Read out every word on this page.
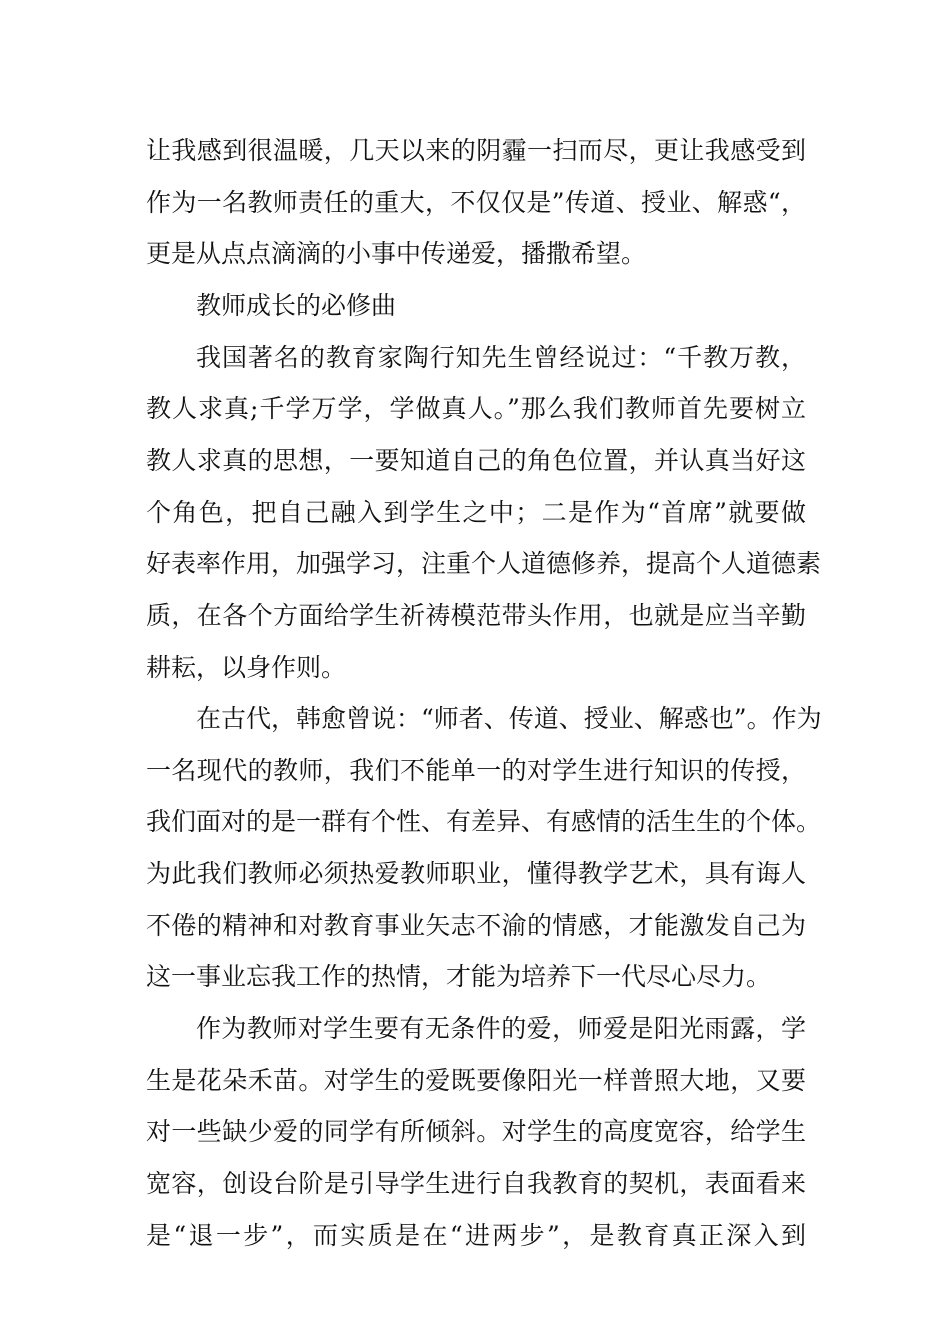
让我感到很温暖，几天以来的阴霾一扫而尽，更让我感受到
作为一名教师责任的重大，不仅仅是”传道、授业、解惑“，
更是从点点滴滴的小事中传递爱，播撒希望。
教师成长的必修曲
我国著名的教育家陶行知先生曾经说过：“千教万教，
教人求真;千学万学，学做真人。”那么我们教师首先要树立
教人求真的思想，一要知道自己的角色位置，并认真当好这
个角色，把自己融入到学生之中；二是作为“首席”就要做
好表率作用，加强学习，注重个人道德修养，提高个人道德素
质，在各个方面给学生祈祷模范带头作用，也就是应当辛勤
耕耘，以身作则。
在古代，韩愈曾说：“师者、传道、授业、解惑也”。作为
一名现代的教师，我们不能单一的对学生进行知识的传授，
我们面对的是一群有个性、有差异、有感情的活生生的个体。
为此我们教师必须热爱教师职业，懂得教学艺术，具有诲人
不倦的精神和对教育事业矢志不渝的情感，才能激发自己为
这一事业忘我工作的热情，才能为培养下一代尽心尽力。
作为教师对学生要有无条件的爱，师爱是阳光雨露，学
生是花朵禾苗。对学生的爱既要像阳光一样普照大地，又要
对一些缺少爱的同学有所倾斜。对学生的高度宽容，给学生
宽容，创设台阶是引导学生进行自我教育的契机，表面看来
是“退一步”，而实质是在“进两步”，是教育真正深入到
